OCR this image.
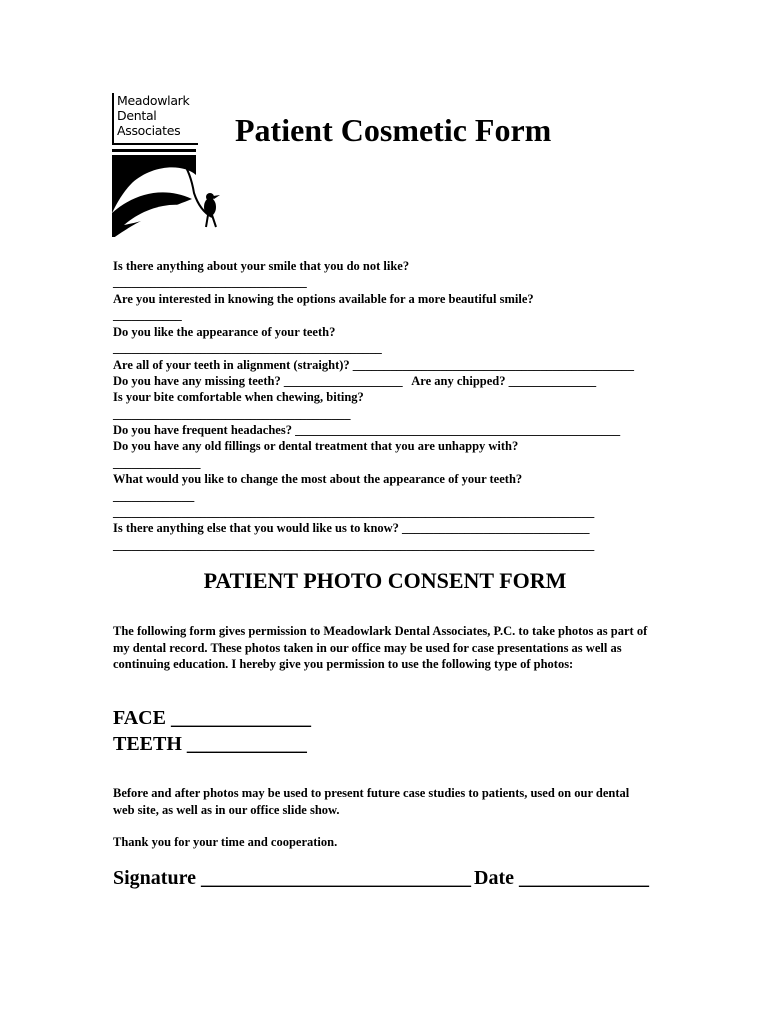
Meadowlark
Dental
Associates	Patient Cosmetic Form
Is there anything about your smile that you do not like?
_______________________________
Are you interested in knowing the options available for a more beautiful smile?
___________
Do you like the appearance of your teeth?
___________________________________________
Are all of your teeth in alignment (straight)? _____________________________________________
Do you have any missing teeth? ___________________   Are any chipped? ______________
Is your bite comfortable when chewing, biting?
______________________________________
Do you have frequent headaches? ____________________________________________________
Do you have any old fillings or dental treatment that you are unhappy with?
______________
What would you like to change the most about the appearance of your teeth?
_____________
_____________________________________________________________________________
Is there anything else that you would like us to know? ______________________________
_____________________________________________________________________________
PATIENT PHOTO CONSENT FORM
The following form gives permission to Meadowlark Dental Associates, P.C. to take photos as part of my dental record. These photos taken in our office may be used for case presentations as well as continuing education. I hereby give you permission to use the following type of photos:
FACE ______________
TEETH ____________
Before and after photos may be used to present future case studies to patients, used on our dental web site, as well as in our office slide show.
Thank you for your time and cooperation.
Signature ___________________________ Date _____________
